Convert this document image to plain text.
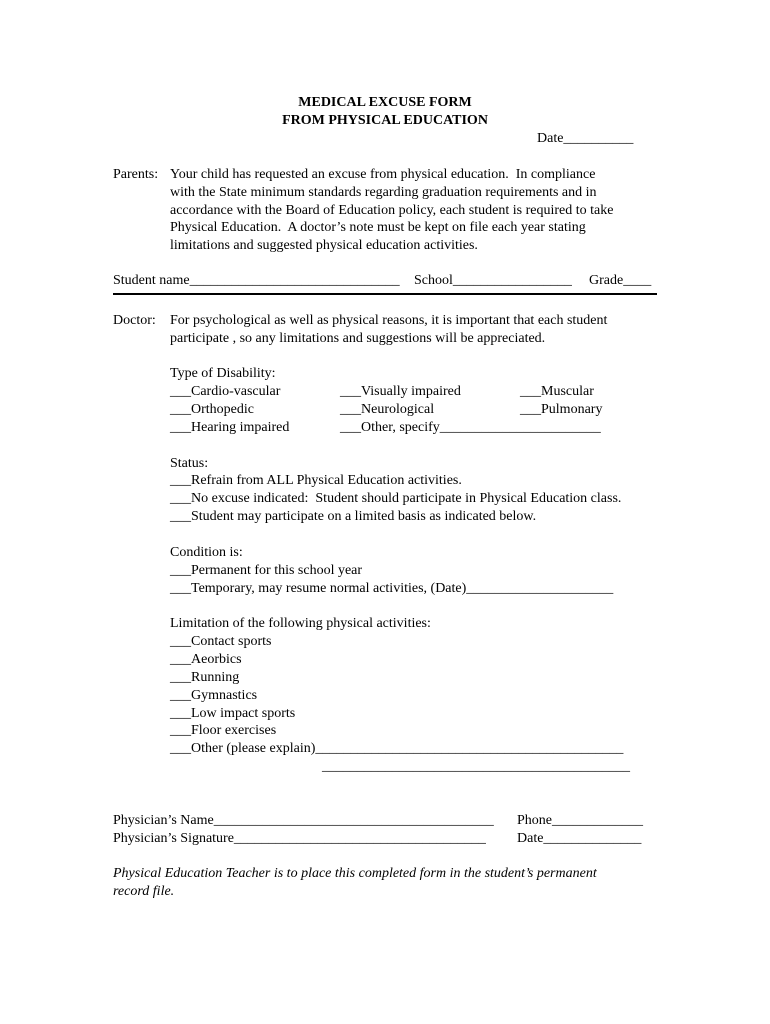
MEDICAL EXCUSE FORM
FROM PHYSICAL EDUCATION
Date__________
Parents: Your child has requested an excuse from physical education.  In compliance
with the State minimum standards regarding graduation requirements and in
accordance with the Board of Education policy, each student is required to take
Physical Education.  A doctor’s note must be kept on file each year stating
limitations and suggested physical education activities.
Student name______________________________ School_________________ Grade____
Doctor: For psychological as well as physical reasons, it is important that each student
participate , so any limitations and suggestions will be appreciated.
Type of Disability:
___Cardio-vascular
___Orthopedic
___Hearing impaired
___Visually impaired
___Neurological
___Other, specify_______________________
___Muscular
___Pulmonary
Status:
___Refrain from ALL Physical Education activities.
___No excuse indicated:  Student should participate in Physical Education class.
___Student may participate on a limited basis as indicated below.
Condition is:
___Permanent for this school year
___Temporary, may resume normal activities, (Date)_____________________
Limitation of the following physical activities:
___Contact sports
___Aeorbics
___Running
___Gymnastics
___Low impact sports
___Floor exercises
___Other (please explain)____________________________________________
____________________________________________
Physician’s Name________________________________________ Phone_____________
Physician’s Signature____________________________________ Date______________
Physical Education Teacher is to place this completed form in the student’s permanent
record file.
